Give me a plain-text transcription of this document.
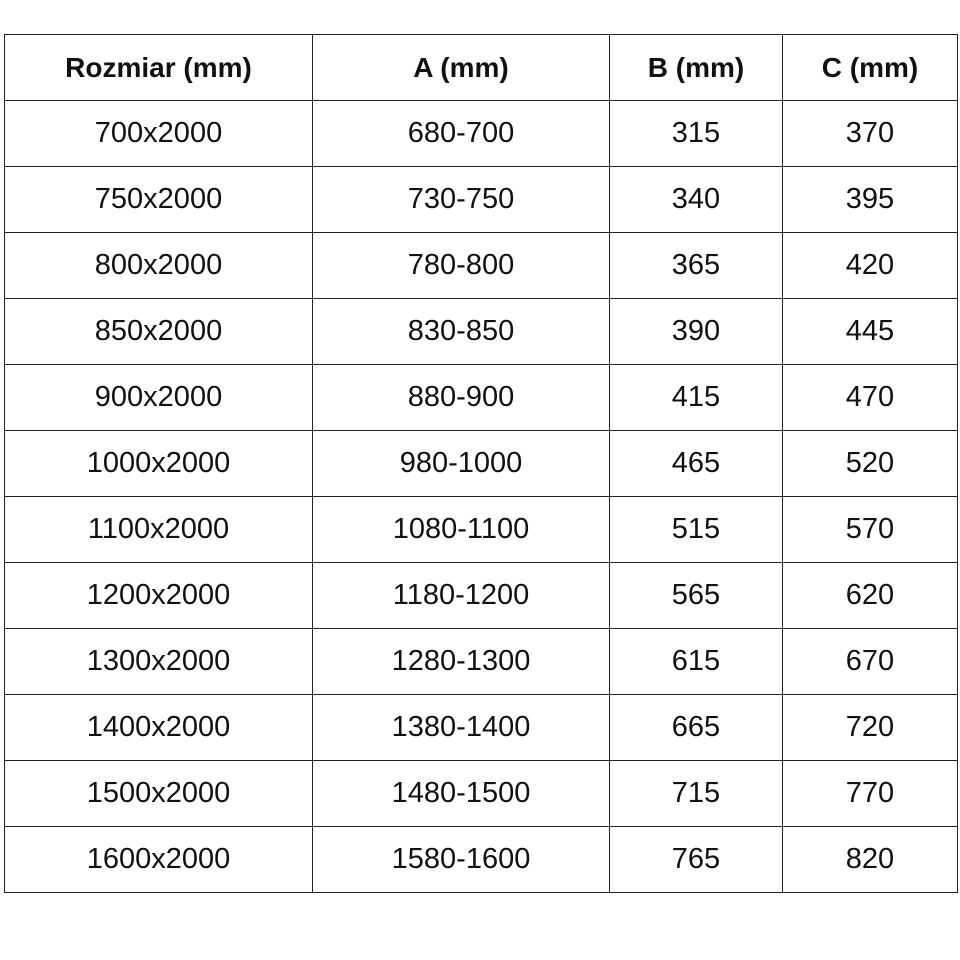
Rozmiar (mm)	A (mm)	B (mm)	C (mm)
700x2000	680-700	315	370
750x2000	730-750	340	395
800x2000	780-800	365	420
850x2000	830-850	390	445
900x2000	880-900	415	470
1000x2000	980-1000	465	520
1100x2000	1080-1100	515	570
1200x2000	1180-1200	565	620
1300x2000	1280-1300	615	670
1400x2000	1380-1400	665	720
1500x2000	1480-1500	715	770
1600x2000	1580-1600	765	820
